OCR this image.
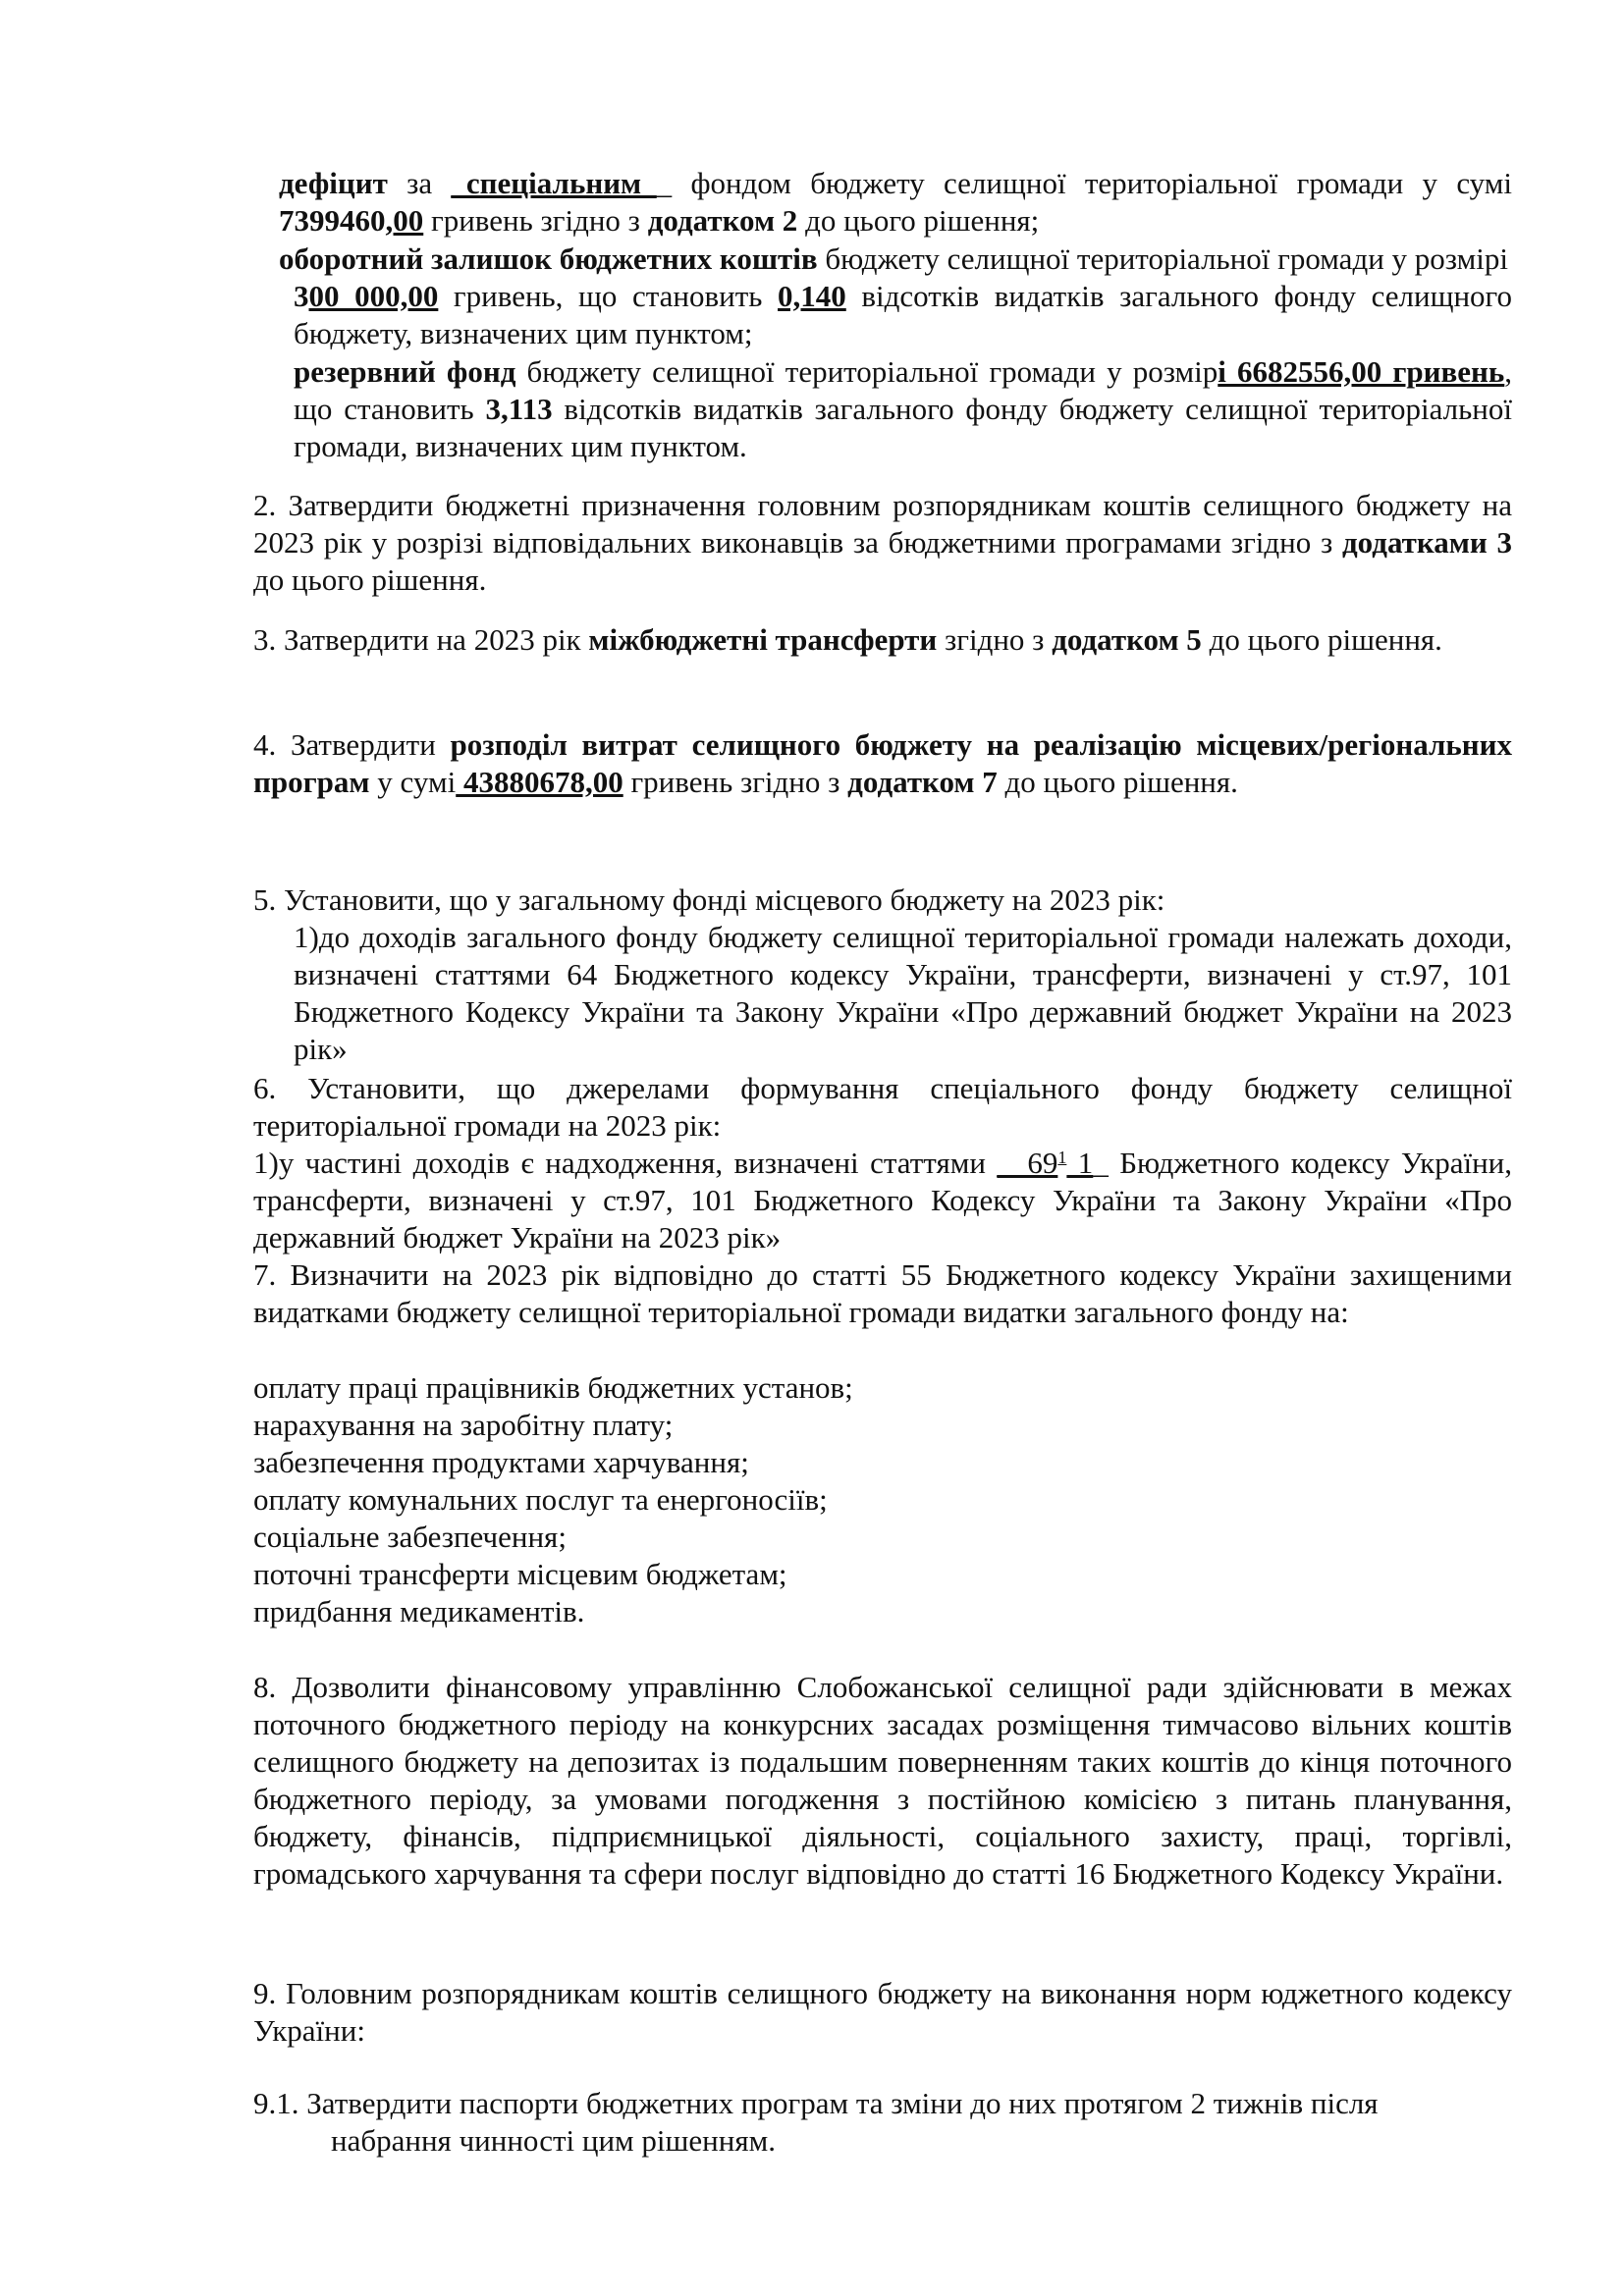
дефіцит за _спеціальним__ фондом бюджету селищної територіальної громади у сумі 7399460,00 гривень згідно з додатком 2 до цього рішення;
оборотний залишок бюджетних коштів бюджету селищної територіальної громади у розмірі
300 000,00 гривень, що становить 0,140 відсотків видатків загального фонду селищного бюджету, визначених цим пунктом;
резервний фонд бюджету селищної територіальної громади у розмірі 6682556,00 гривень, що становить 3,113 відсотків видатків загального фонду бюджету селищної територіальної громади, визначених цим пунктом.
2. Затвердити бюджетні призначення головним розпорядникам коштів селищного бюджету на 2023 рік у розрізі відповідальних виконавців за бюджетними програмами згідно з додатками 3 до цього рішення.
3. Затвердити на 2023 рік міжбюджетні трансферти згідно з додатком 5 до цього рішення.
4. Затвердити розподіл витрат селищного бюджету на реалізацію місцевих/регіональних програм у сумі 43880678,00 гривень згідно з додатком 7 до цього рішення.
5. Установити, що у загальному фонді місцевого бюджету на 2023 рік:
1)до доходів загального фонду бюджету селищної територіальної громади належать доходи, визначені статтями 64 Бюджетного кодексу України, трансферти, визначені у ст.97, 101 Бюджетного Кодексу України та Закону України «Про державний бюджет України на 2023 рік»
6. Установити, що джерелами формування спеціального фонду бюджету селищної територіальної громади на 2023 рік:
1)у частині доходів є надходження, визначені статтями $\_\_69^1$ 1_ Бюджетного кодексу України, трансферти, визначені у ст.97, 101 Бюджетного Кодексу України та Закону України «Про державний бюджет України на 2023 рік»
7. Визначити на 2023 рік відповідно до статті 55 Бюджетного кодексу України захищеними видатками бюджету селищної територіальної громади видатки загального фонду на:
оплату праці працівників бюджетних установ;
нарахування на заробітну плату;
забезпечення продуктами харчування;
оплату комунальних послуг та енергоносіїв;
соціальне забезпечення;
поточні трансферти місцевим бюджетам;
придбання медикаментів.
8. Дозволити фінансовому управлінню Слобожанської селищної ради здійснювати в межах поточного бюджетного періоду на конкурсних засадах розміщення тимчасово вільних коштів селищного бюджету на депозитах із подальшим поверненням таких коштів до кінця поточного бюджетного періоду, за умовами погодження з постійною комісією з питань планування, бюджету, фінансів, підприємницької діяльності, соціального захисту, праці, торгівлі, громадського харчування та сфери послуг відповідно до статті 16 Бюджетного Кодексу України.
9. Головним розпорядникам коштів селищного бюджету на виконання норм юджетного кодексу України:
9.1. Затвердити паспорти бюджетних програм та зміни до них протягом 2 тижнів після
набрання чинності цим рішенням.
